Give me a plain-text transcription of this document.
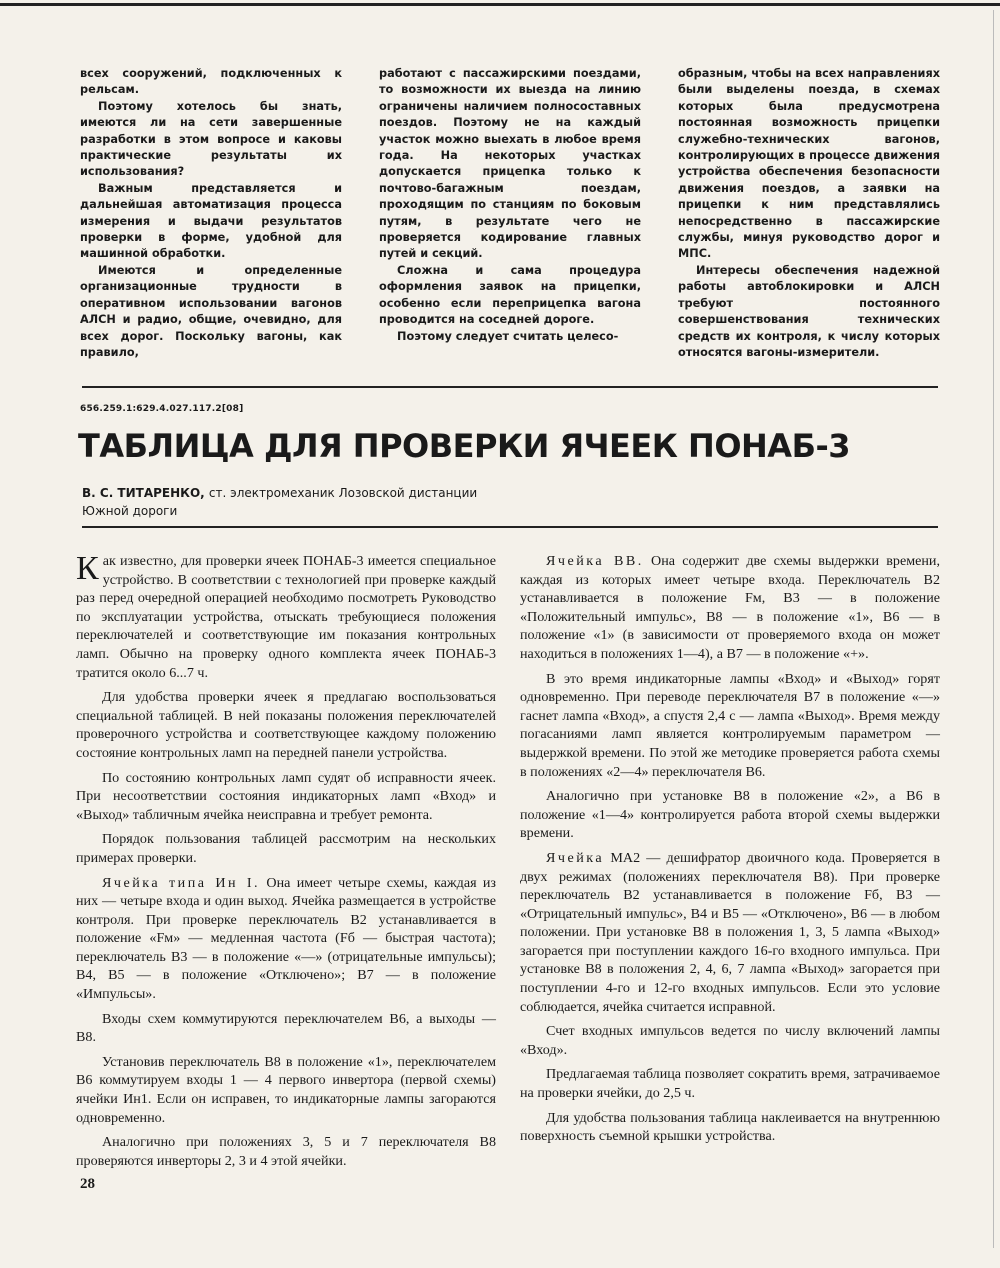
всех сооружений, подключенных к рельсам.

Поэтому хотелось бы знать, имеются ли на сети завершенные разработки в этом вопросе и каковы практические результаты их использования?

Важным представляется и дальнейшая автоматизация процесса измерения и выдачи результатов проверки в форме, удобной для машинной обработки.

Имеются и определенные организационные трудности в оперативном использовании вагонов АЛСН и радио, общие, очевидно, для всех дорог. Поскольку вагоны, как правило,

работают с пассажирскими поездами, то возможности их выезда на линию ограничены наличием полносоставных поездов. Поэтому не на каждый участок можно выехать в любое время года. На некоторых участках допускается прицепка только к почтово-багажным поездам, проходящим по станциям по боковым путям, в результате чего не проверяется кодирование главных путей и секций.

Сложна и сама процедура оформления заявок на прицепки, особенно если переприцепка вагона проводится на соседней дороге.

Поэтому следует считать целесо-

образным, чтобы на всех направлениях были выделены поезда, в схемах которых была предусмотрена постоянная возможность прицепки служебно-технических вагонов, контролирующих в процессе движения устройства обеспечения безопасности движения поездов, а заявки на прицепки к ним представлялись непосредственно в пассажирские службы, минуя руководство дорог и МПС.

Интересы обеспечения надежной работы автоблокировки и АЛСН требуют постоянного совершенствования технических средств их контроля, к числу которых относятся вагоны-измерители.

656.259.1:629.4.027.117.2[08]
ТАБЛИЦА ДЛЯ ПРОВЕРКИ ЯЧЕЕК ПОНАБ-3
В. С. ТИТАРЕНКО, ст. электромеханик Лозовской дистанции
Южной дороги

Как известно, для проверки ячеек ПОНАБ-3 имеется специальное устройство. В соответствии с технологией при проверке каждый раз перед очередной операцией необходимо посмотреть Руководство по эксплуатации устройства, отыскать требующиеся положения переключателей и соответствующие им показания контрольных ламп. Обычно на проверку одного комплекта ячеек ПОНАБ-3 тратится около 6...7 ч.

Для удобства проверки ячеек я предлагаю воспользоваться специальной таблицей. В ней показаны положения переключателей проверочного устройства и соответствующее каждому положению состояние контрольных ламп на передней панели устройства.

По состоянию контрольных ламп судят об исправности ячеек. При несоответствии состояния индикаторных ламп «Вход» и «Выход» табличным ячейка неисправна и требует ремонта.

Порядок пользования таблицей рассмотрим на нескольких примерах проверки.

Ячейка типа Ин I. Она имеет четыре схемы, каждая из них — четыре входа и один выход. Ячейка размещается в устройстве контроля. При проверке переключатель В2 устанавливается в положение «Fм» — медленная частота (Fб — быстрая частота); переключатель В3 — в положение «—» (отрицательные импульсы); В4, В5 — в положение «Отключено»; В7 — в положение «Импульсы».

Входы схем коммутируются переключателем В6, а выходы — В8.

Установив переключатель В8 в положение «1», переключателем В6 коммутируем входы 1 — 4 первого инвертора (первой схемы) ячейки Ин1. Если он исправен, то индикаторные лампы загораются одновременно.

Аналогично при положениях 3, 5 и 7 переключателя В8 проверяются инверторы 2, 3 и 4 этой ячейки.

Ячейка ВВ. Она содержит две схемы выдержки времени, каждая из которых имеет четыре входа. Переключатель В2 устанавливается в положение Fм, В3 — в положение «Положительный импульс», В8 — в положение «1», В6 — в положение «1» (в зависимости от проверяемого входа он может находиться в положениях 1—4), а В7 — в положение «+».

В это время индикаторные лампы «Вход» и «Выход» горят одновременно. При переводе переключателя В7 в положение «—» гаснет лампа «Вход», а спустя 2,4 с — лампа «Выход». Время между погасаниями ламп является контролируемым параметром — выдержкой времени. По этой же методике проверяется работа схемы в положениях «2—4» переключателя В6.

Аналогично при установке В8 в положение «2», а В6 в положение «1—4» контролируется работа второй схемы выдержки времени.

Ячейка МА2 — дешифратор двоичного кода. Проверяется в двух режимах (положениях переключателя В8). При проверке переключатель В2 устанавливается в положение Fб, В3 — «Отрицательный импульс», В4 и В5 — «Отключено», В6 — в любом положении. При установке В8 в положения 1, 3, 5 лампа «Выход» загорается при поступлении каждого 16-го входного импульса. При установке В8 в положения 2, 4, 6, 7 лампа «Выход» загорается при поступлении 4-го и 12-го входных импульсов. Если это условие соблюдается, ячейка считается исправной.

Счет входных импульсов ведется по числу включений лампы «Вход».

Предлагаемая таблица позволяет сократить время, затрачиваемое на проверки ячейки, до 2,5 ч.

Для удобства пользования таблица наклеивается на внутреннюю поверхность съемной крышки устройства.

28
